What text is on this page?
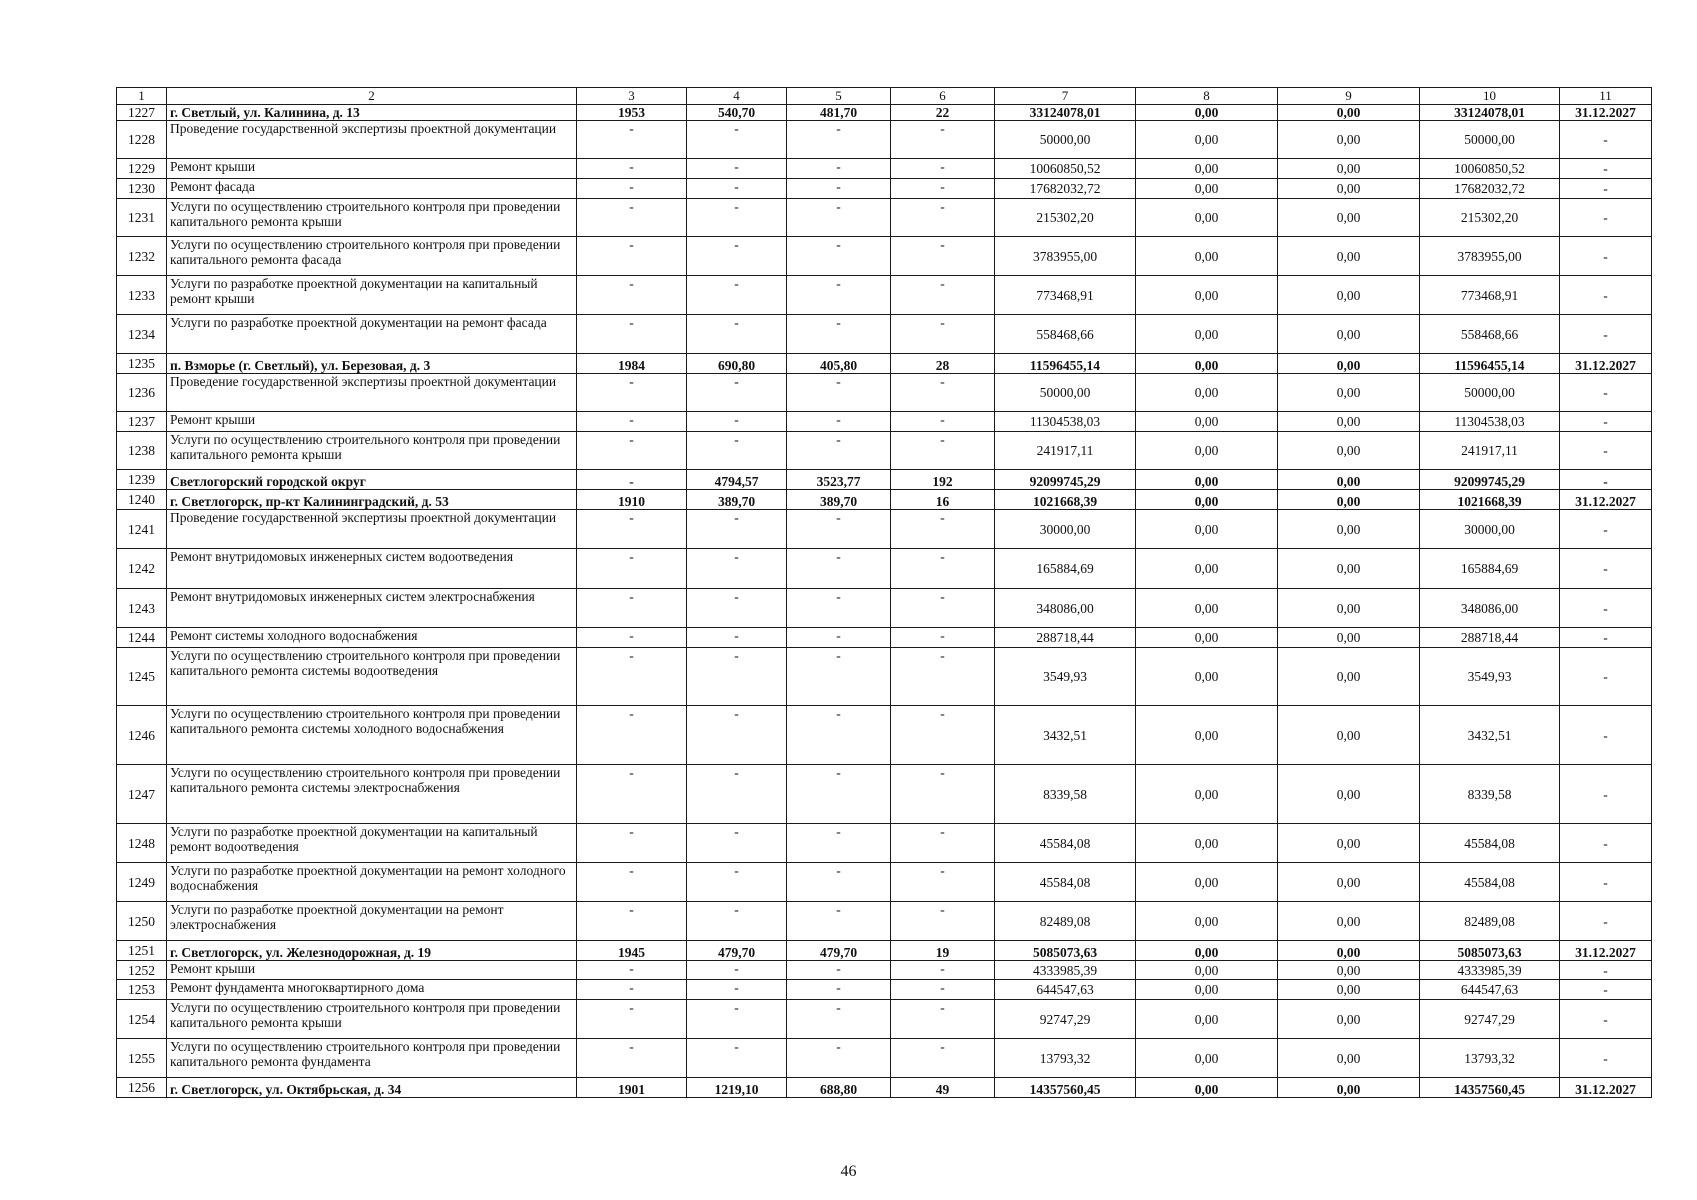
1	2	3	4	5	6	7	8	9	10	11
1227	г. Светлый, ул. Калинина, д. 13	1953	540,70	481,70	22	33124078,01	0,00	0,00	33124078,01	31.12.2027
1228	Проведение государственной экспертизы проектной документации	-	-	-	-	50000,00	0,00	0,00	50000,00	-
1229	Ремонт крыши	-	-	-	-	10060850,52	0,00	0,00	10060850,52	-
1230	Ремонт фасада	-	-	-	-	17682032,72	0,00	0,00	17682032,72	-
1231	Услуги по осуществлению строительного контроля при проведении капитального ремонта крыши	-	-	-	-	215302,20	0,00	0,00	215302,20	-
1232	Услуги по осуществлению строительного контроля при проведении капитального ремонта фасада	-	-	-	-	3783955,00	0,00	0,00	3783955,00	-
1233	Услуги по разработке проектной документации на капитальный ремонт крыши	-	-	-	-	773468,91	0,00	0,00	773468,91	-
1234	Услуги по разработке проектной документации на ремонт фасада	-	-	-	-	558468,66	0,00	0,00	558468,66	-
1235	п. Взморье (г. Светлый), ул. Березовая, д. 3	1984	690,80	405,80	28	11596455,14	0,00	0,00	11596455,14	31.12.2027
1236	Проведение государственной экспертизы проектной документации	-	-	-	-	50000,00	0,00	0,00	50000,00	-
1237	Ремонт крыши	-	-	-	-	11304538,03	0,00	0,00	11304538,03	-
1238	Услуги по осуществлению строительного контроля при проведении капитального ремонта крыши	-	-	-	-	241917,11	0,00	0,00	241917,11	-
1239	Светлогорский городской округ	-	4794,57	3523,77	192	92099745,29	0,00	0,00	92099745,29	-
1240	г. Светлогорск, пр-кт Калининградский, д. 53	1910	389,70	389,70	16	1021668,39	0,00	0,00	1021668,39	31.12.2027
1241	Проведение государственной экспертизы проектной документации	-	-	-	-	30000,00	0,00	0,00	30000,00	-
1242	Ремонт внутридомовых инженерных систем водоотведения	-	-	-	-	165884,69	0,00	0,00	165884,69	-
1243	Ремонт внутридомовых инженерных систем электроснабжения	-	-	-	-	348086,00	0,00	0,00	348086,00	-
1244	Ремонт системы холодного водоснабжения	-	-	-	-	288718,44	0,00	0,00	288718,44	-
1245	Услуги по осуществлению строительного контроля при проведении капитального ремонта системы водоотведения	-	-	-	-	3549,93	0,00	0,00	3549,93	-
1246	Услуги по осуществлению строительного контроля при проведении капитального ремонта системы холодного водоснабжения	-	-	-	-	3432,51	0,00	0,00	3432,51	-
1247	Услуги по осуществлению строительного контроля при проведении капитального ремонта системы электроснабжения	-	-	-	-	8339,58	0,00	0,00	8339,58	-
1248	Услуги по разработке проектной документации на капитальный ремонт водоотведения	-	-	-	-	45584,08	0,00	0,00	45584,08	-
1249	Услуги по разработке проектной документации на ремонт холодного водоснабжения	-	-	-	-	45584,08	0,00	0,00	45584,08	-
1250	Услуги по разработке проектной документации на ремонт электроснабжения	-	-	-	-	82489,08	0,00	0,00	82489,08	-
1251	г. Светлогорск, ул. Железнодорожная, д. 19	1945	479,70	479,70	19	5085073,63	0,00	0,00	5085073,63	31.12.2027
1252	Ремонт крыши	-	-	-	-	4333985,39	0,00	0,00	4333985,39	-
1253	Ремонт фундамента многоквартирного дома	-	-	-	-	644547,63	0,00	0,00	644547,63	-
1254	Услуги по осуществлению строительного контроля при проведении капитального ремонта крыши	-	-	-	-	92747,29	0,00	0,00	92747,29	-
1255	Услуги по осуществлению строительного контроля при проведении капитального ремонта фундамента	-	-	-	-	13793,32	0,00	0,00	13793,32	-
1256	г. Светлогорск, ул. Октябрьская, д. 34	1901	1219,10	688,80	49	14357560,45	0,00	0,00	14357560,45	31.12.2027
46
